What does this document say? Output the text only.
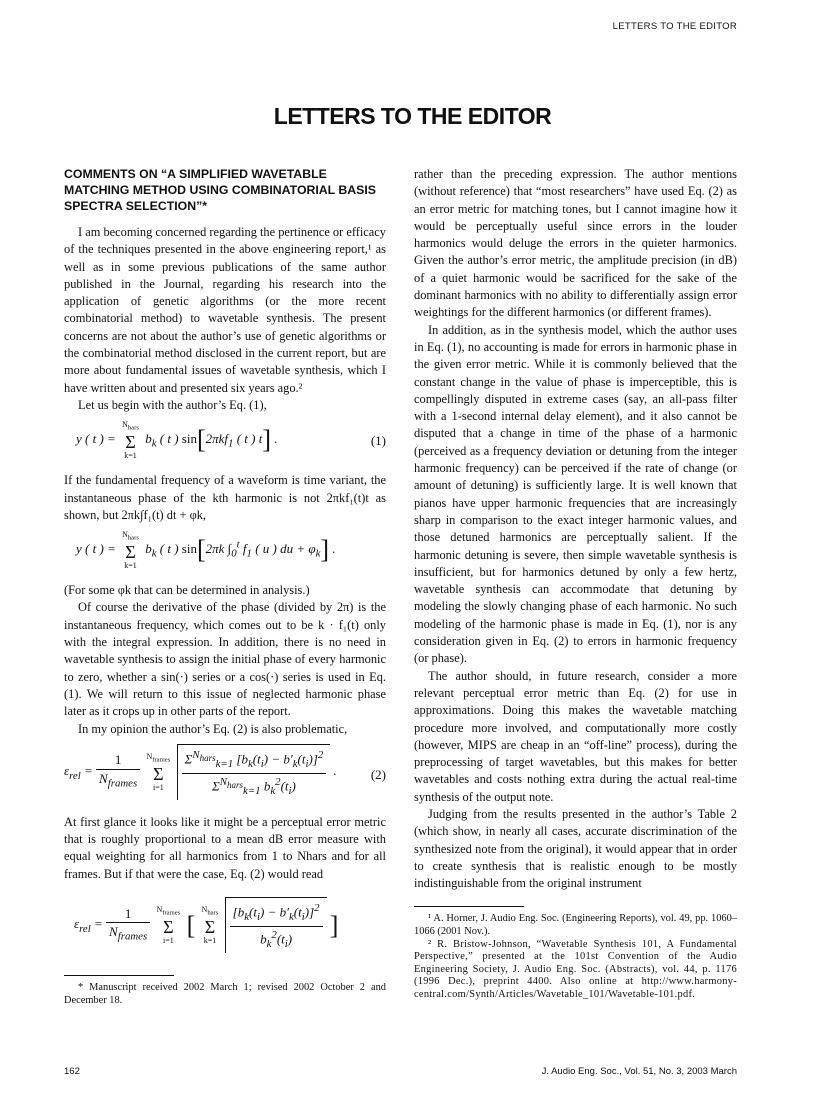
LETTERS TO THE EDITOR
LETTERS TO THE EDITOR
COMMENTS ON “A SIMPLIFIED WAVETABLE MATCHING METHOD USING COMBINATORIAL BASIS SPECTRA SELECTION”*

I am becoming concerned regarding the pertinence or efficacy of the techniques presented in the above engineering report,¹ as well as in some previous publications of the same author published in the Journal, regarding his research into the application of genetic algorithms (or the more recent combinatorial method) to wavetable synthesis. The present concerns are not about the author’s use of genetic algorithms or the combinatorial method disclosed in the current report, but are more about fundamental issues of wavetable synthesis, which I have written about and presented six years ago.²

Let us begin with the author’s Eq. (1),

y ( t ) = $N_{hars}$
Σ
k=1 $b_k$ ( t ) sin[2πkf$_1$ ( t ) t] .	(1)

If the fundamental frequency of a waveform is time variant, the instantaneous phase of the kth harmonic is not 2πkf₁(t)t as shown, but 2πk∫f₁(t) dt + φk,

y ( t ) = $N_{hars}$
Σ
k=1 $b_k$ ( t ) sin[2πk $\int_0^t$ $f_1$ ( u ) du + $\varphi_k$] .

(For some φk that can be determined in analysis.)

Of course the derivative of the phase (divided by 2π) is the instantaneous frequency, which comes out to be k · f₁(t) only with the integral expression. In addition, there is no need in wavetable synthesis to assign the initial phase of every harmonic to zero, whether a sin(·) series or a cos(·) series is used in Eq. (1). We will return to this issue of neglected harmonic phase later as it crops up in other parts of the report.

In my opinion the author’s Eq. (2) is also problematic,

$\varepsilon_{rel} = \frac{1}{N_{frames}} N_{frames}$
Σ
$i=1 \frac{\Sigma^{N_{hars}}_{k=1} [b_k(t_i) - b'_k(t_i)]^2}{\Sigma^{N_{hars}}_{k=1} b_k^2(t_i)}$ .	(2)

At first glance it looks like it might be a perceptual error metric that is roughly proportional to a mean dB error measure with equal weighting for all harmonics from 1 to Nhars and for all frames. But if that were the case, Eq. (2) would read

$\varepsilon_{rel} = \frac{1}{N_{frames}} N_{frames}$
Σ
i=1 [ $N_{hars}$
Σ
$k=1 \frac{[b_k(t_i) - b'_k(t_i)]^2}{b_k^2(t_i)}$ ]
* Manuscript received 2002 March 1; revised 2002 October 2 and December 18.

rather than the preceding expression. The author mentions (without reference) that “most researchers” have used Eq. (2) as an error metric for matching tones, but I cannot imagine how it would be perceptually useful since errors in the louder harmonics would deluge the errors in the quieter harmonics. Given the author’s error metric, the amplitude precision (in dB) of a quiet harmonic would be sacrificed for the sake of the dominant harmonics with no ability to differentially assign error weightings for the different harmonics (or different frames).

In addition, as in the synthesis model, which the author uses in Eq. (1), no accounting is made for errors in harmonic phase in the given error metric. While it is commonly believed that the constant change in the value of phase is imperceptible, this is compellingly disputed in extreme cases (say, an all-pass filter with a 1-second internal delay element), and it also cannot be disputed that a change in time of the phase of a harmonic (perceived as a frequency deviation or detuning from the integer harmonic frequency) can be perceived if the rate of change (or amount of detuning) is sufficiently large. It is well known that pianos have upper harmonic frequencies that are increasingly sharp in comparison to the exact integer harmonic values, and those detuned harmonics are perceptually salient. If the harmonic detuning is severe, then simple wavetable synthesis is insufficient, but for harmonics detuned by only a few hertz, wavetable synthesis can accommodate that detuning by modeling the slowly changing phase of each harmonic. No such modeling of the harmonic phase is made in Eq. (1), nor is any consideration given in Eq. (2) to errors in harmonic frequency (or phase).

The author should, in future research, consider a more relevant perceptual error metric than Eq. (2) for use in approximations. Doing this makes the wavetable matching procedure more involved, and computationally more costly (however, MIPS are cheap in an “off-line” process), during the preprocessing of target wavetables, but this makes for better wavetables and costs nothing extra during the actual real-time synthesis of the output note.

Judging from the results presented in the author’s Table 2 (which show, in nearly all cases, accurate discrimination of the synthesized note from the original), it would appear that in order to create synthesis that is realistic enough to be mostly indistinguishable from the original instrument

¹ A. Horner, J. Audio Eng. Soc. (Engineering Reports), vol. 49, pp. 1060–1066 (2001 Nov.).
² R. Bristow-Johnson, “Wavetable Synthesis 101, A Fundamental Perspective,” presented at the 101st Convention of the Audio Engineering Society, J. Audio Eng. Soc. (Abstracts), vol. 44, p. 1176 (1996 Dec.), preprint 4400. Also online at http://www.harmony-central.com/Synth/Articles/Wavetable_101/Wavetable-101.pdf.
162	J. Audio Eng. Soc., Vol. 51, No. 3, 2003 March
